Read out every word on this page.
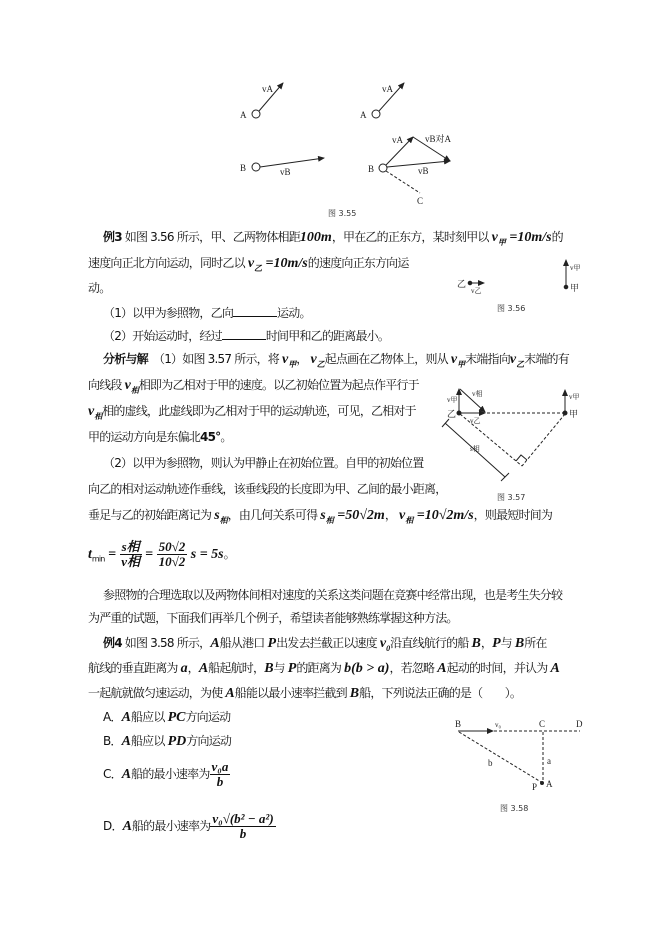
例3 如图 3.56 所示，甲、乙两物体相距100m，甲在乙的正东方，某时刻甲以 $v_甲 =10m/s$的
速度向正北方向运动，同时乙以 $v_乙 =10m/s$的速度向正东方向运
动。
（1）以甲为参照物，乙向	运动。
（2）开始运动时，经过	时间甲和乙的距离最小。
分析与解　（1）如图 3.57 所示，将 $v_甲$， $v_乙$起点画在乙物体上，则从 $v_甲$末端指向$v_乙$末端的有
向线段 $v_相$相即为乙相对于甲的速度。以乙初始位置为起点作平行于
$v_相$相的虚线，此虚线即为乙相对于甲的运动轨迹，可见，乙相对于
甲的运动方向是东偏北45°。
（2）以甲为参照物，则认为甲静止在初始位置。自甲的初始位置
向乙的相对运动轨迹作垂线，该垂线段的长度即为甲、乙间的最小距离，
垂足与乙的初始距离记为 $s_相$，由几何关系可得 $s_相 =50√2m$， $v_相 =10√2m/s$，则最短时间为
参照物的合理选取以及两物体间相对速度的关系这类问题在竞赛中经常出现，也是考生失分较
为严重的试题，下面我们再举几个例子，希望读者能够熟练掌握这种方法。
例4 如图 3.58 所示，A船从港口 P出发去拦截正以速度 $v_0$沿直线航行的船 B，P与 B所在
航线的垂直距离为 a，A船起航时，B与 P的距离为 b(b > a)，若忽略 A起动的时间，并认为 A
一起航就做匀速运动，为使 A船能以最小速率拦截到 B船，下列说法正确的是（　　）。
A．A船应以 PC方向运动
B．A船应以 PD方向运动
$t_{min} = \frac{\text{s相}}{\text{v相}} = \frac{50√2}{10√2}$ s = 5s。
C．A船的最小速率为 $\frac{\text{v₀a}}{b}$
D．A船的最小速率为 $\frac{\text{v₀√(b² − a²)}}{b}$
A
vA
B	vB
A
vA
B
vA vB对A
vB
C
图 3.55
乙
v乙
v甲
甲
图 3.56
v甲
v相
乙
v乙
v甲
甲
s相
图 3.57
B	v₀	C	D
a
b
P A
图 3.58
